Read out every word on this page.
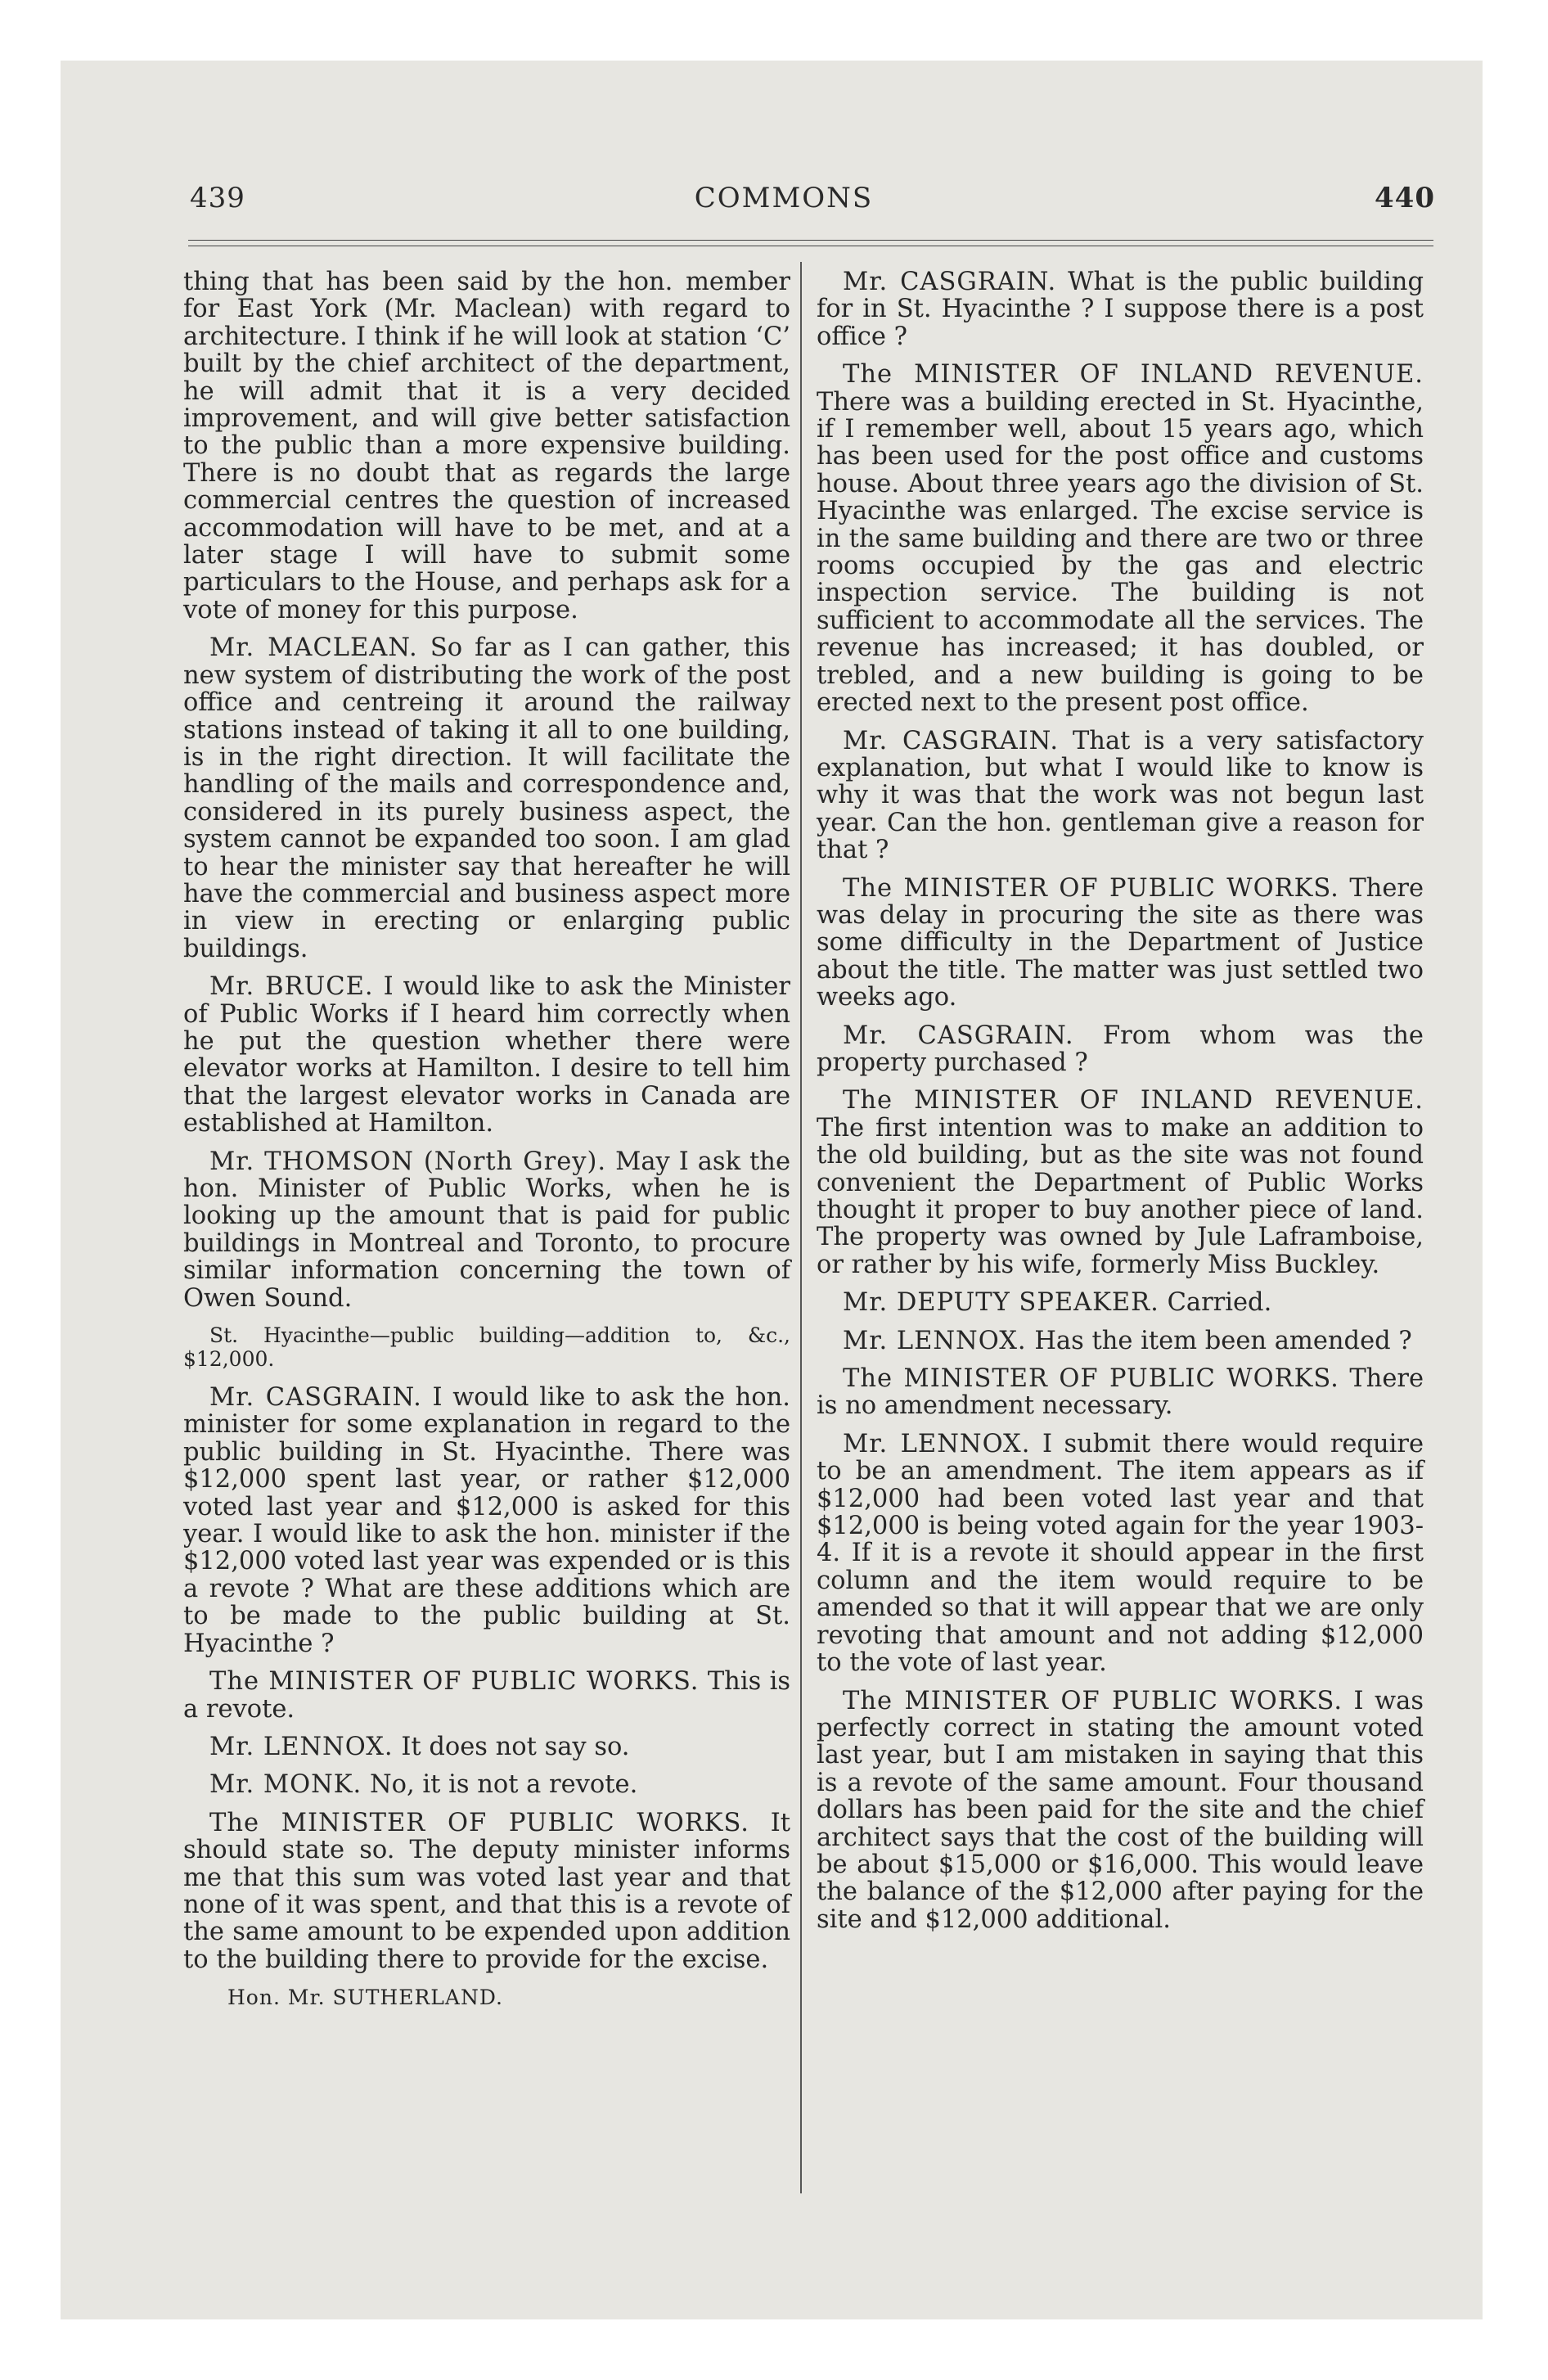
439	COMMONS	440

thing that has been said by the hon. member for East York (Mr. Maclean) with regard to architecture. I think if he will look at station ‘C’ built by the chief architect of the department, he will admit that it is a very decided improvement, and will give better satisfaction to the public than a more expensive building. There is no doubt that as regards the large commercial centres the question of increased accommodation will have to be met, and at a later stage I will have to submit some particulars to the House, and perhaps ask for a vote of money for this purpose.

Mr. MACLEAN. So far as I can gather, this new system of distributing the work of the post office and centreing it around the railway stations instead of taking it all to one building, is in the right direction. It will facilitate the handling of the mails and correspondence and, considered in its purely business aspect, the system cannot be expanded too soon. I am glad to hear the minister say that hereafter he will have the commercial and business aspect more in view in erecting or enlarging public buildings.

Mr. BRUCE. I would like to ask the Minister of Public Works if I heard him correctly when he put the question whether there were elevator works at Hamilton. I desire to tell him that the largest elevator works in Canada are established at Hamilton.

Mr. THOMSON (North Grey). May I ask the hon. Minister of Public Works, when he is looking up the amount that is paid for public buildings in Montreal and Toronto, to procure similar information concerning the town of Owen Sound.

St. Hyacinthe—public building—addition to, &c., $12,000.

Mr. CASGRAIN. I would like to ask the hon. minister for some explanation in regard to the public building in St. Hyacinthe. There was $12,000 spent last year, or rather $12,000 voted last year and $12,000 is asked for this year. I would like to ask the hon. minister if the $12,000 voted last year was expended or is this a revote ? What are these additions which are to be made to the public building at St. Hyacinthe ?

The MINISTER OF PUBLIC WORKS. This is a revote.

Mr. LENNOX. It does not say so.

Mr. MONK. No, it is not a revote.

The MINISTER OF PUBLIC WORKS. It should state so. The deputy minister informs me that this sum was voted last year and that none of it was spent, and that this is a revote of the same amount to be expended upon addition to the building there to provide for the excise.

Hon. Mr. SUTHERLAND.

Mr. CASGRAIN. What is the public building for in St. Hyacinthe ? I suppose there is a post office ?

The MINISTER OF INLAND REVENUE. There was a building erected in St. Hyacinthe, if I remember well, about 15 years ago, which has been used for the post office and customs house. About three years ago the division of St. Hyacinthe was enlarged. The excise service is in the same building and there are two or three rooms occupied by the gas and electric inspection service. The building is not sufficient to accommodate all the services. The revenue has increased; it has doubled, or trebled, and a new building is going to be erected next to the present post office.

Mr. CASGRAIN. That is a very satisfactory explanation, but what I would like to know is why it was that the work was not begun last year. Can the hon. gentleman give a reason for that ?

The MINISTER OF PUBLIC WORKS. There was delay in procuring the site as there was some difficulty in the Department of Justice about the title. The matter was just settled two weeks ago.

Mr. CASGRAIN. From whom was the property purchased ?

The MINISTER OF INLAND REVENUE. The first intention was to make an addition to the old building, but as the site was not found convenient the Department of Public Works thought it proper to buy another piece of land. The property was owned by Jule Laframboise, or rather by his wife, formerly Miss Buckley.

Mr. DEPUTY SPEAKER. Carried.

Mr. LENNOX. Has the item been amended ?

The MINISTER OF PUBLIC WORKS. There is no amendment necessary.

Mr. LENNOX. I submit there would require to be an amendment. The item appears as if $12,000 had been voted last year and that $12,000 is being voted again for the year 1903-4. If it is a revote it should appear in the first column and the item would require to be amended so that it will appear that we are only revoting that amount and not adding $12,000 to the vote of last year.

The MINISTER OF PUBLIC WORKS. I was perfectly correct in stating the amount voted last year, but I am mistaken in saying that this is a revote of the same amount. Four thousand dollars has been paid for the site and the chief architect says that the cost of the building will be about $15,000 or $16,000. This would leave the balance of the $12,000 after paying for the site and $12,000 additional.
